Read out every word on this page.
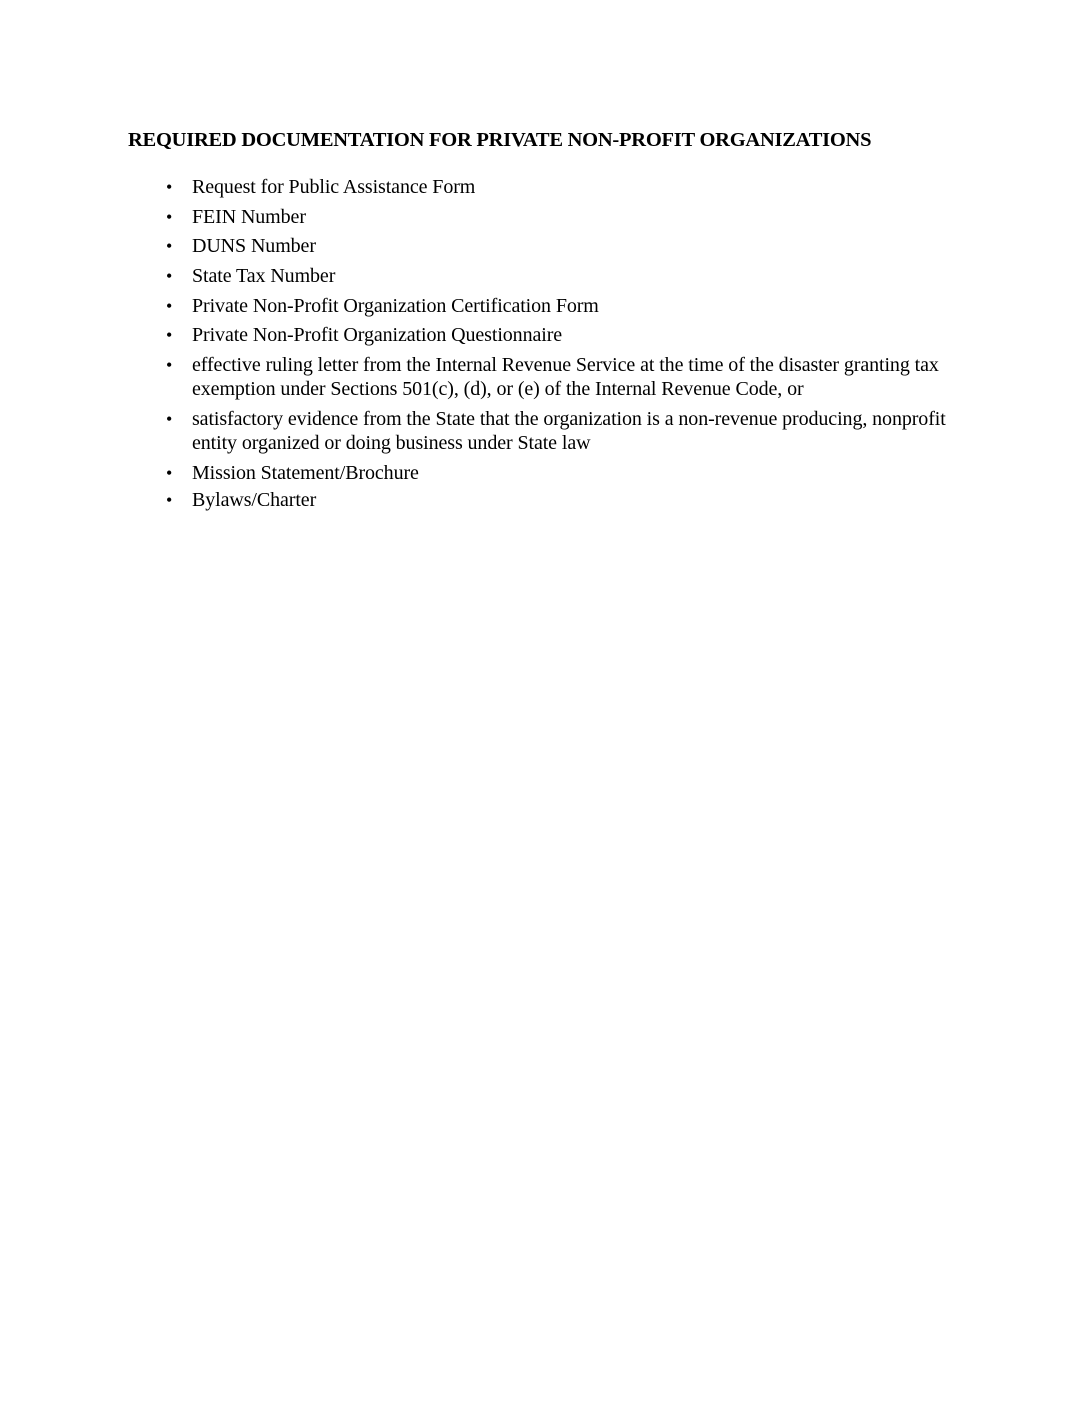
REQUIRED DOCUMENTATION FOR PRIVATE NON-PROFIT ORGANIZATIONS
• Request for Public Assistance Form
• FEIN Number
• DUNS Number
• State Tax Number
• Private Non-Profit Organization Certification Form
• Private Non-Profit Organization Questionnaire
• effective ruling letter from the Internal Revenue Service at the time of the disaster granting tax exemption under Sections 501(c), (d), or (e) of the Internal Revenue Code, or
• satisfactory evidence from the State that the organization is a non-revenue producing, nonprofit entity organized or doing business under State law
• Mission Statement/Brochure
• Bylaws/Charter
